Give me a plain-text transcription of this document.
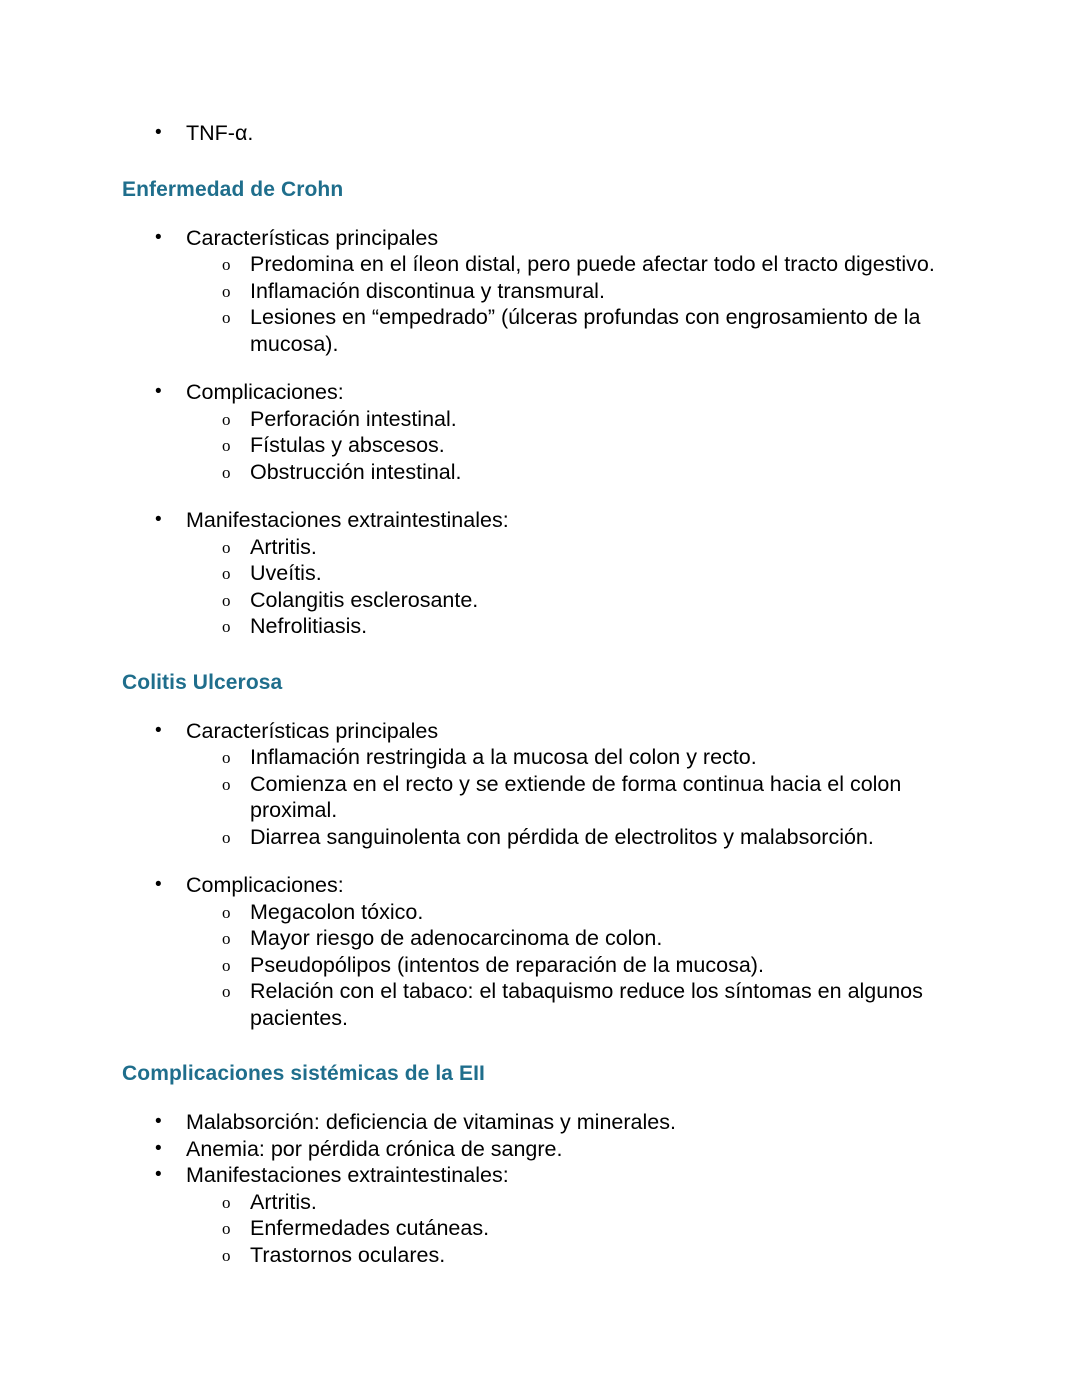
• TNF-α.
Enfermedad de Crohn
• Características principales
o Predomina en el íleon distal, pero puede afectar todo el tracto digestivo.
o Inflamación discontinua y transmural.
o Lesiones en “empedrado” (úlceras profundas con engrosamiento de la mucosa).
• Complicaciones:
o Perforación intestinal.
o Fístulas y abscesos.
o Obstrucción intestinal.
• Manifestaciones extraintestinales:
o Artritis.
o Uveítis.
o Colangitis esclerosante.
o Nefrolitiasis.
Colitis Ulcerosa
• Características principales
o Inflamación restringida a la mucosa del colon y recto.
o Comienza en el recto y se extiende de forma continua hacia el colon proximal.
o Diarrea sanguinolenta con pérdida de electrolitos y malabsorción.
• Complicaciones:
o Megacolon tóxico.
o Mayor riesgo de adenocarcinoma de colon.
o Pseudopólipos (intentos de reparación de la mucosa).
o Relación con el tabaco: el tabaquismo reduce los síntomas en algunos pacientes.
Complicaciones sistémicas de la EII
• Malabsorción: deficiencia de vitaminas y minerales.
• Anemia: por pérdida crónica de sangre.
• Manifestaciones extraintestinales:
o Artritis.
o Enfermedades cutáneas.
o Trastornos oculares.
